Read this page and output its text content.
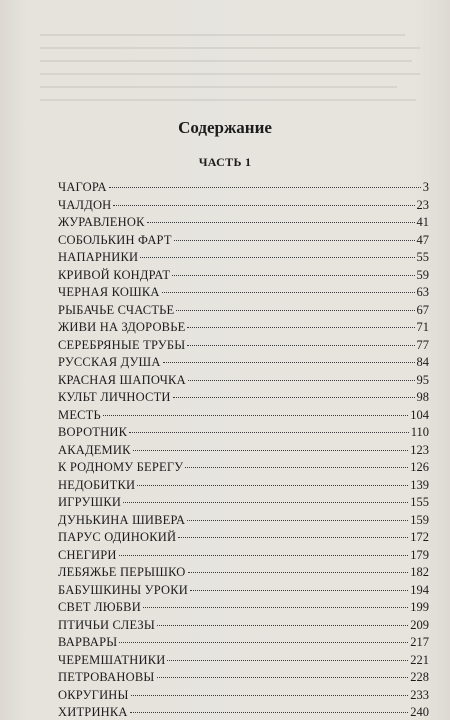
Содержание
ЧАСТЬ 1
ЧАГОРА	3
ЧАЛДОН	23
ЖУРАВЛЕНОК	41
СОБОЛЬКИН ФАРТ	47
НАПАРНИКИ	55
КРИВОЙ КОНДРАТ	59
ЧЕРНАЯ КОШКА	63
РЫБАЧЬЕ СЧАСТЬЕ	67
ЖИВИ НА ЗДОРОВЬЕ	71
СЕРЕБРЯНЫЕ ТРУБЫ	77
РУССКАЯ ДУША	84
КРАСНАЯ ШАПОЧКА	95
КУЛЬТ ЛИЧНОСТИ	98
МЕСТЬ	104
ВОРОТНИК	110
АКАДЕМИК	123
К РОДНОМУ БЕРЕГУ	126
НЕДОБИТКИ	139
ИГРУШКИ	155
ДУНЬКИНА ШИВЕРА	159
ПАРУС ОДИНОКИЙ	172
СНЕГИРИ	179
ЛЕБЯЖЬЕ ПЕРЫШКО	182
БАБУШКИНЫ УРОКИ	194
СВЕТ ЛЮБВИ	199
ПТИЧЬИ СЛЕЗЫ	209
ВАРВАРЫ	217
ЧЕРЕМШАТНИКИ	221
ПЕТРОВАНОВЫ	228
ОКРУГИНЫ	233
ХИТРИНКА	240
